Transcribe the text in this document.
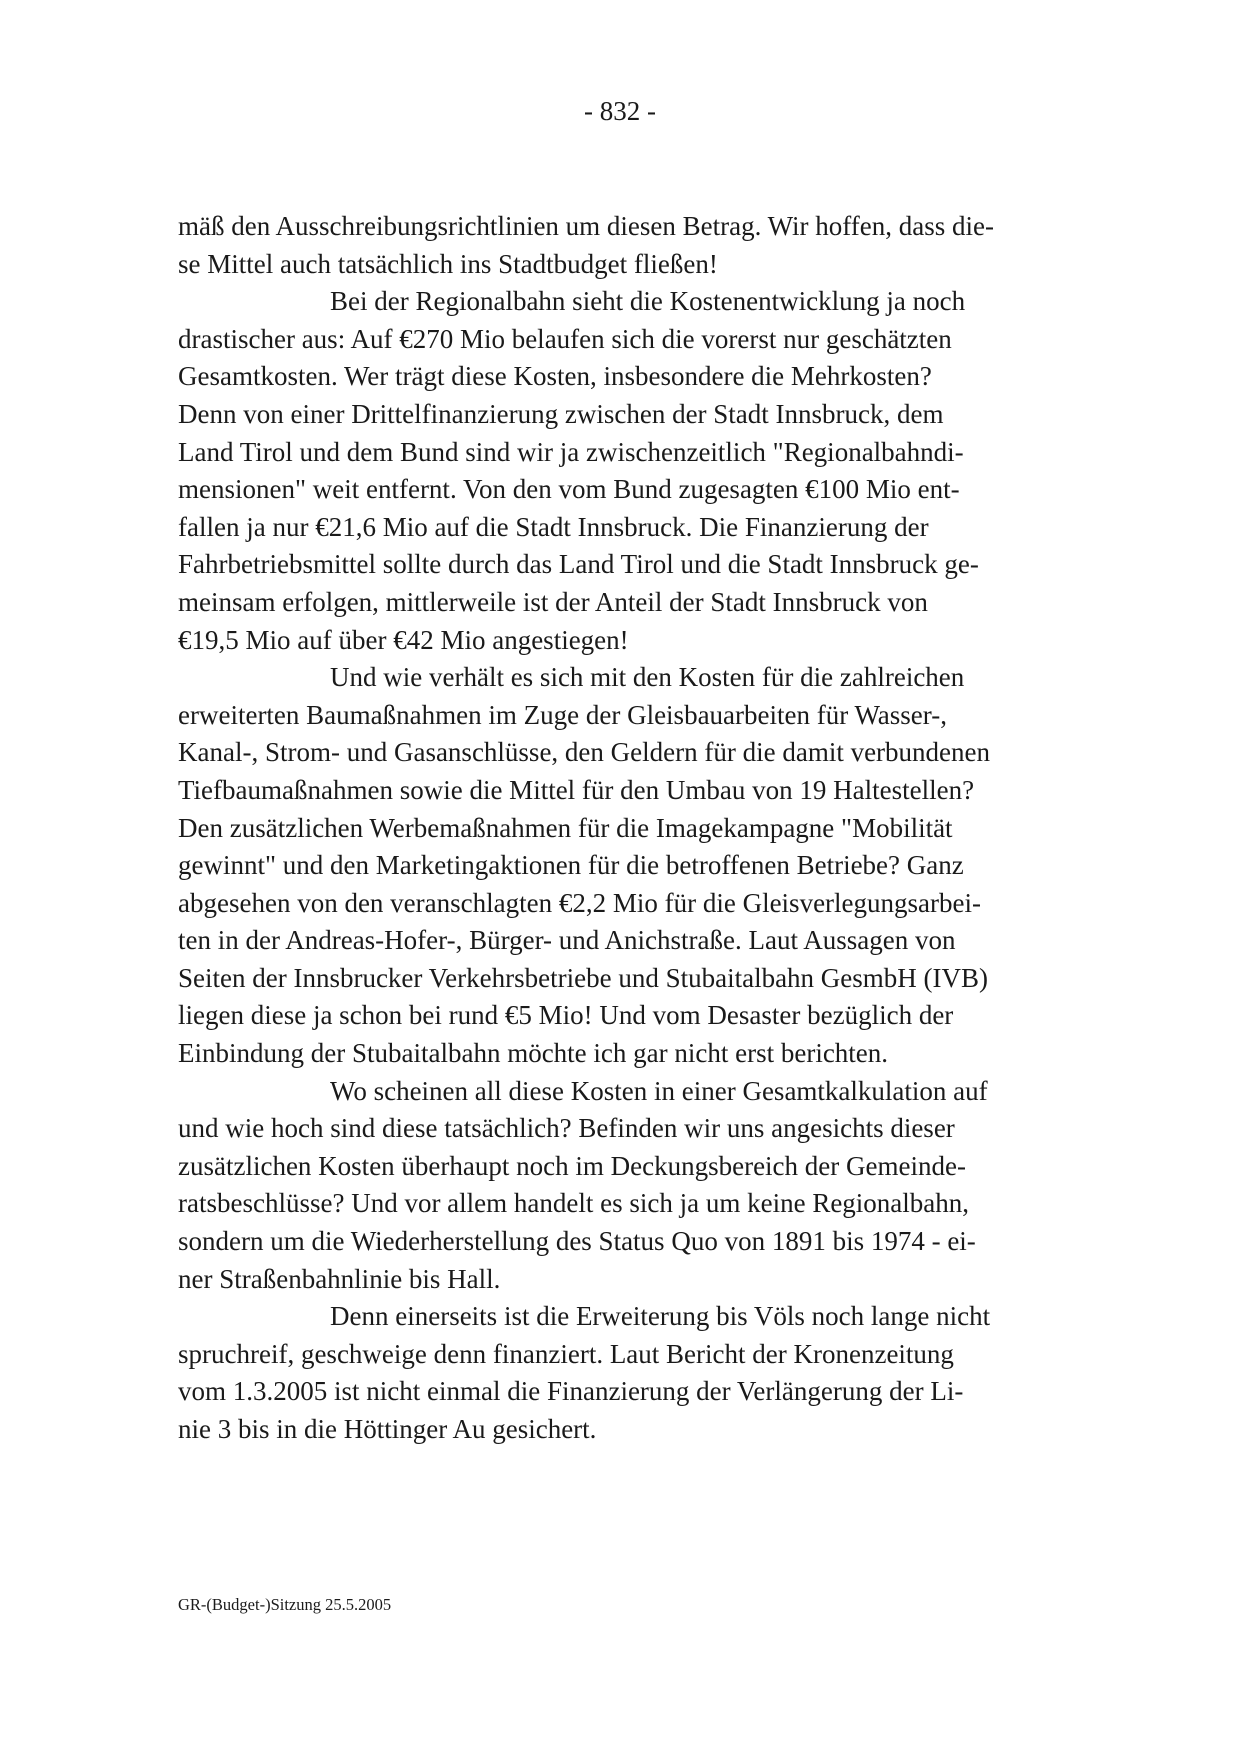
- 832 -
mäß den Ausschreibungsrichtlinien um diesen Betrag. Wir hoffen, dass die-
se Mittel auch tatsächlich ins Stadtbudget fließen!
Bei der Regionalbahn sieht die Kostenentwicklung ja noch
drastischer aus: Auf €270 Mio belaufen sich die vorerst nur geschätzten
Gesamtkosten. Wer trägt diese Kosten, insbesondere die Mehrkosten?
Denn von einer Drittelfinanzierung zwischen der Stadt Innsbruck, dem
Land Tirol und dem Bund sind wir ja zwischenzeitlich "Regionalbahndi-
mensionen" weit entfernt. Von den vom Bund zugesagten €100 Mio ent-
fallen ja nur €21,6 Mio auf die Stadt Innsbruck. Die Finanzierung der
Fahrbetriebsmittel sollte durch das Land Tirol und die Stadt Innsbruck ge-
meinsam erfolgen, mittlerweile ist der Anteil der Stadt Innsbruck von
€19,5 Mio auf über €42 Mio angestiegen!
Und wie verhält es sich mit den Kosten für die zahlreichen
erweiterten Baumaßnahmen im Zuge der Gleisbauarbeiten für Wasser-,
Kanal-, Strom- und Gasanschlüsse, den Geldern für die damit verbundenen
Tiefbaumaßnahmen sowie die Mittel für den Umbau von 19 Haltestellen?
Den zusätzlichen Werbemaßnahmen für die Imagekampagne "Mobilität
gewinnt" und den Marketingaktionen für die betroffenen Betriebe? Ganz
abgesehen von den veranschlagten €2,2 Mio für die Gleisverlegungsarbei-
ten in der Andreas-Hofer-, Bürger- und Anichstraße. Laut Aussagen von
Seiten der Innsbrucker Verkehrsbetriebe und Stubaitalbahn GesmbH (IVB)
liegen diese ja schon bei rund €5 Mio! Und vom Desaster bezüglich der
Einbindung der Stubaitalbahn möchte ich gar nicht erst berichten.
Wo scheinen all diese Kosten in einer Gesamtkalkulation auf
und wie hoch sind diese tatsächlich? Befinden wir uns angesichts dieser
zusätzlichen Kosten überhaupt noch im Deckungsbereich der Gemeinde-
ratsbeschlüsse? Und vor allem handelt es sich ja um keine Regionalbahn,
sondern um die Wiederherstellung des Status Quo von 1891 bis 1974 - ei-
ner Straßenbahnlinie bis Hall.
Denn einerseits ist die Erweiterung bis Völs noch lange nicht
spruchreif, geschweige denn finanziert. Laut Bericht der Kronenzeitung
vom 1.3.2005 ist nicht einmal die Finanzierung der Verlängerung der Li-
nie 3 bis in die Höttinger Au gesichert.
GR-(Budget-)Sitzung 25.5.2005
